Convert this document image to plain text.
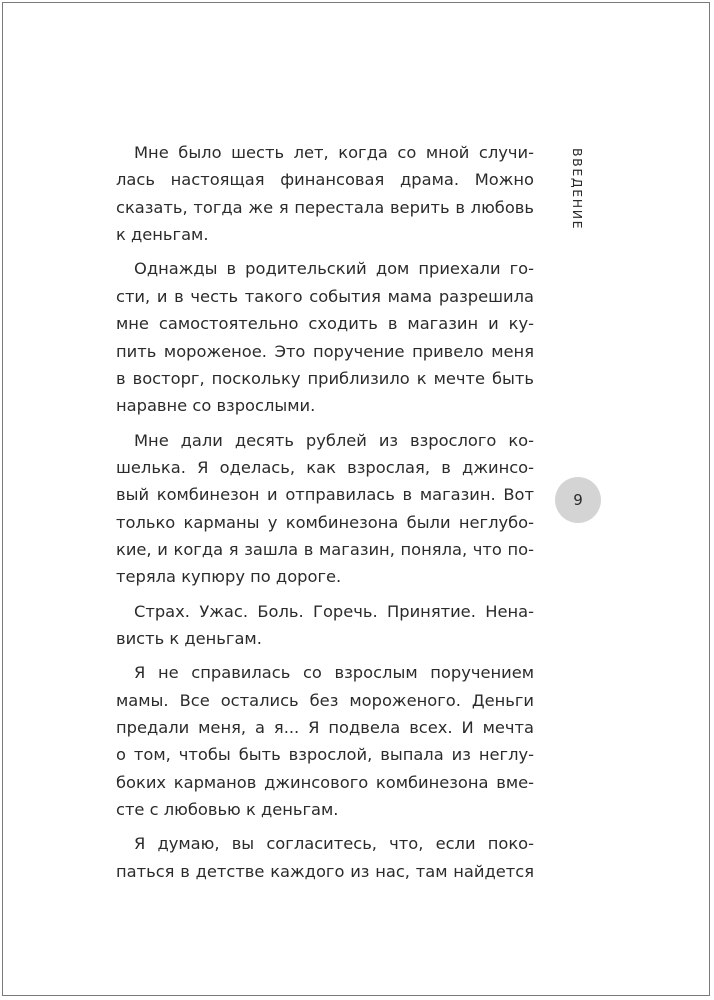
ВВЕДЕНИЕ
9
Мне было шесть лет, когда со мной случи-
лась настоящая финансовая драма. Можно
сказать, тогда же я перестала верить в любовь
к деньгам.
Однажды в родительский дом приехали го-
сти, и в честь такого события мама разрешила
мне самостоятельно сходить в магазин и ку-
пить мороженое. Это поручение привело меня
в восторг, поскольку приблизило к мечте быть
наравне со взрослыми.
Мне дали десять рублей из взрослого ко-
шелька. Я оделась, как взрослая, в джинсо-
вый комбинезон и отправилась в магазин. Вот
только карманы у комбинезона были неглубо-
кие, и когда я зашла в магазин, поняла, что по-
теряла купюру по дороге.
Страх. Ужас. Боль. Горечь. Принятие. Нена-
висть к деньгам.
Я не справилась со взрослым поручением
мамы. Все остались без мороженого. Деньги
предали меня, а я... Я подвела всех. И мечта
о том, чтобы быть взрослой, выпала из неглу-
боких карманов джинсового комбинезона вме-
сте с любовью к деньгам.
Я думаю, вы согласитесь, что, если поко-
паться в детстве каждого из нас, там найдется
